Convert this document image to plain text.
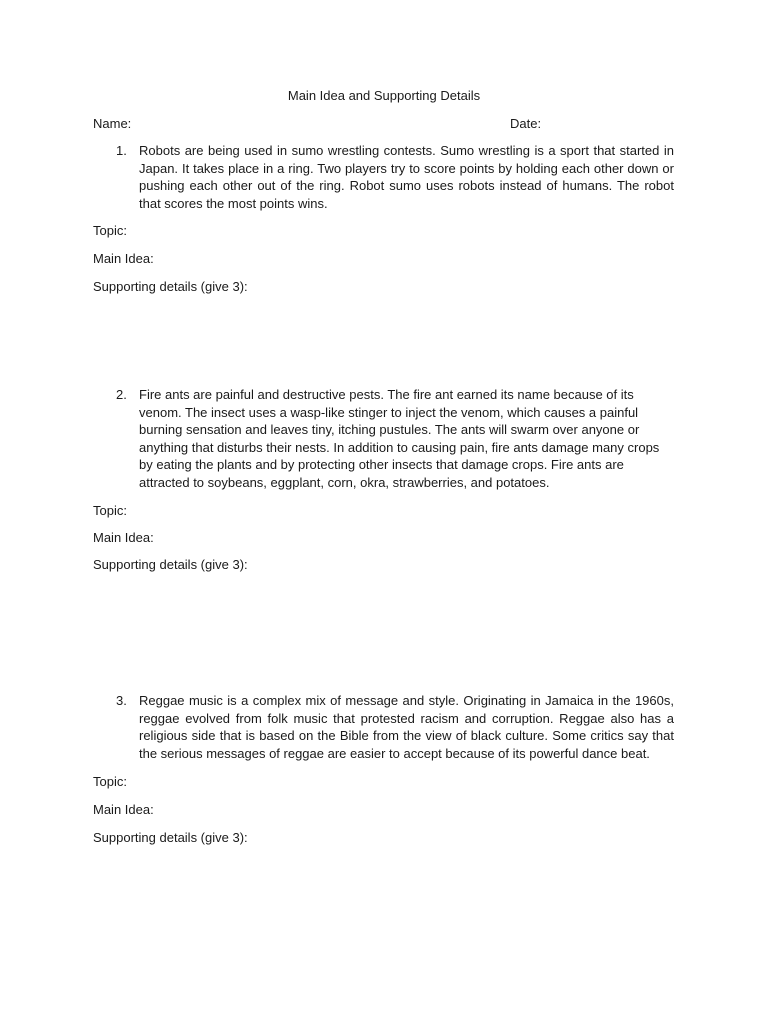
Main Idea and Supporting Details
Name:	Date:
1. Robots are being used in sumo wrestling contests. Sumo wrestling is a sport that started in Japan. It takes place in a ring. Two players try to score points by holding each other down or pushing each other out of the ring. Robot sumo uses robots instead of humans. The robot that scores the most points wins.
Topic:
Main Idea:
Supporting details (give 3):
2. Fire ants are painful and destructive pests. The fire ant earned its name because of its venom. The insect uses a wasp-like stinger to inject the venom, which causes a painful burning sensation and leaves tiny, itching pustules. The ants will swarm over anyone or anything that disturbs their nests. In addition to causing pain, fire ants damage many crops by eating the plants and by protecting other insects that damage crops. Fire ants are attracted to soybeans, eggplant, corn, okra, strawberries, and potatoes.
Topic:
Main Idea:
Supporting details (give 3):
3. Reggae music is a complex mix of message and style. Originating in Jamaica in the 1960s, reggae evolved from folk music that protested racism and corruption. Reggae also has a religious side that is based on the Bible from the view of black culture. Some critics say that the serious messages of reggae are easier to accept because of its powerful dance beat.
Topic:
Main Idea:
Supporting details (give 3):
